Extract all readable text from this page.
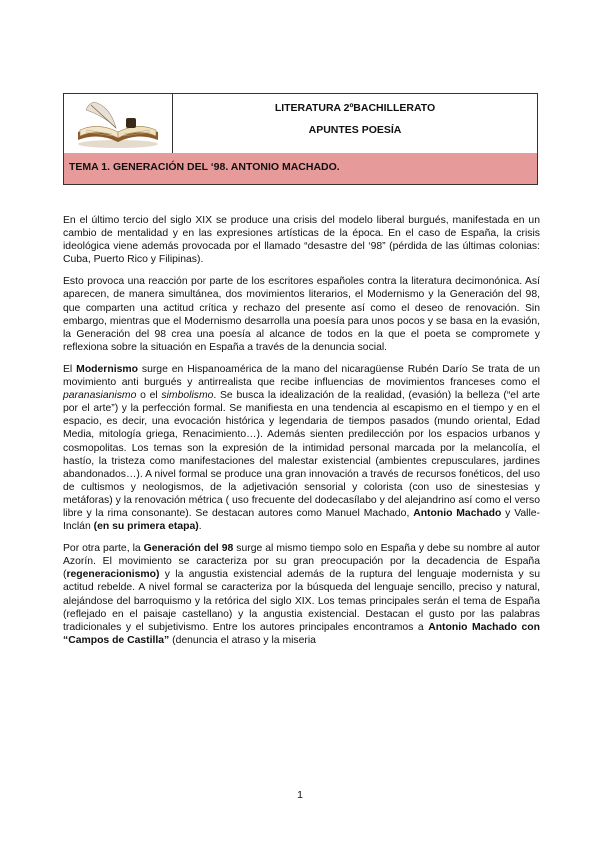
LITERATURA 2ºBACHILLERATO
APUNTES POESÍA
TEMA 1. GENERACIÓN DEL ‘98. ANTONIO MACHADO.

En el último tercio del siglo XIX se produce una crisis del modelo liberal burgués, manifestada en un cambio de mentalidad y en las expresiones artísticas de la época. En el caso de España, la crisis ideológica viene además provocada por el llamado “desastre del ‘98” (pérdida de las últimas colonias: Cuba, Puerto Rico y Filipinas).

Esto provoca una reacción por parte de los escritores españoles contra la literatura decimonónica. Así aparecen, de manera simultánea, dos movimientos literarios, el Modernismo y la Generación del 98, que comparten una actitud crítica y rechazo del presente así como el deseo de renovación. Sin embargo, mientras que el Modernismo desarrolla una poesía para unos pocos y se basa en la evasión, la Generación del 98 crea una poesía al alcance de todos en la que el poeta se compromete y reflexiona sobre la situación en España a través de la denuncia social.

El Modernismo surge en Hispanoamérica de la mano del nicaragüense Rubén Darío Se trata de un movimiento anti burgués y antirrealista que recibe influencias de movimientos franceses como el paranasianismo o el simbolismo. Se busca la idealización de la realidad, (evasión) la belleza (“el arte por el arte”) y la perfección formal. Se manifiesta en una tendencia al escapismo en el tiempo y en el espacio, es decir, una evocación histórica y legendaria de tiempos pasados (mundo oriental, Edad Media, mitología griega, Renacimiento…). Además sienten predilección por los espacios urbanos y cosmopolitas. Los temas son la expresión de la intimidad personal marcada por la melancolía, el hastío, la tristeza como manifestaciones del malestar existencial (ambientes crepusculares, jardines abandonados…). A nivel formal se produce una gran innovación a través de recursos fonéticos, del uso de cultismos y neologismos, de la adjetivación sensorial y colorista (con uso de sinestesias y metáforas) y la renovación métrica ( uso frecuente del dodecasílabo y del alejandrino así como el verso libre y la rima consonante). Se destacan autores como Manuel Machado, Antonio Machado y Valle-Inclán (en su primera etapa).

Por otra parte, la Generación del 98 surge al mismo tiempo solo en España y debe su nombre al autor Azorín. El movimiento se caracteriza por su gran preocupación por la decadencia de España (regeneracionismo) y la angustia existencial además de la ruptura del lenguaje modernista y su actitud rebelde. A nivel formal se caracteriza por la búsqueda del lenguaje sencillo, preciso y natural, alejándose del barroquismo y la retórica del siglo XIX. Los temas principales serán el tema de España (reflejado en el paisaje castellano) y la angustia existencial. Destacan el gusto por las palabras tradicionales y el subjetivismo. Entre los autores principales encontramos a Antonio Machado con “Campos de Castilla” (denuncia el atraso y la miseria

1
